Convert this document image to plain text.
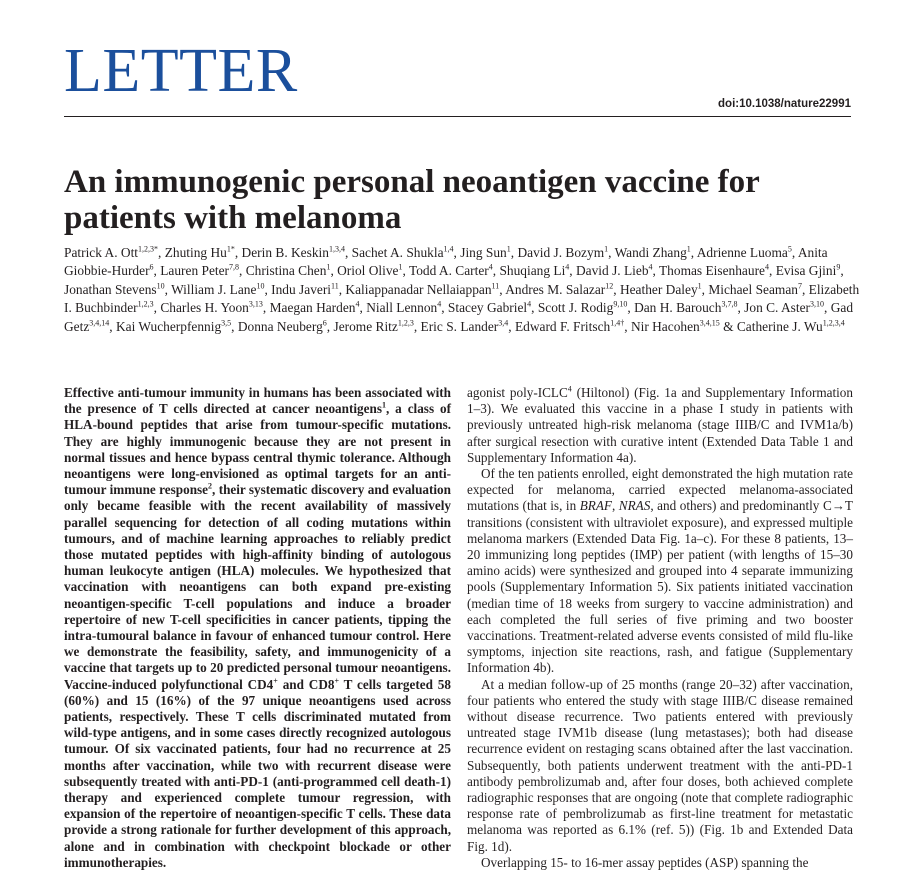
LETTER	doi:10.1038/nature22991
An immunogenic personal neoantigen vaccine for patients with melanoma
Patrick A. Ott$^{1,2,3*}$, Zhuting $Hu^{1*}$, Derin B. Keskin$^{1,3,4}$, Sachet A. Shukla$^{1,4}$, Jing Sun$^1$, David J. Bozym$^1$, Wandi Zhang$^1$, Adrienne Luoma$^5$, Anita Giobbie-Hurder$^6$, Lauren Peter$^{7,8}$, Christina Chen$^1$, Oriol Olive$^1$, Todd A. Carter$^4$, Shuqiang Li$^4$, David J. Lieb$^4$, Thomas Eisenhaure$^4$, Evisa Gjini$^9$, Jonathan Stevens$^{10}$, William J. Lane$^{10}$, Indu Javeri$^{11}$, Kaliappanadar Nellaiappan$^{11}$, Andres M. Salazar$^{12}$, Heather Daley$^1$, Michael Seaman$^7$, Elizabeth I. Buchbinder$^{1,2,3}$, Charles H. Yoon$^{3,13}$, Maegan Harden$^4$, Niall Lennon$^4$, Stacey Gabriel$^4$, Scott J. Rodig$^{9,10}$, Dan H. Barouch$^{3,7,8}$, Jon C. Aster$^{3,10}$, Gad Getz$^{3,4,14}$, Kai Wucherpfennig$^{3,5}$, Donna Neuberg$^6$, Jerome Ritz$^{1,2,3}$, Eric S. Lander$^{3,4}$, Edward F. Fritsch$^{1,4\dagger}$, Nir Hacohen$^{3,4,15}$ & Catherine J. Wu$^{1,2,3,4}$

Effective anti-tumour immunity in humans has been associated with the presence of T cells directed at cancer neoantigens$^1$, a class of HLA-bound peptides that arise from tumour-specific mutations. They are highly immunogenic because they are not present in normal tissues and hence bypass central thymic tolerance. Although neoantigens were long-envisioned as optimal targets for an anti-tumour immune response$^2$, their systematic discovery and evaluation only became feasible with the recent availability of massively parallel sequencing for detection of all coding mutations within tumours, and of machine learning approaches to reliably predict those mutated peptides with high-affinity binding of autologous human leukocyte antigen (HLA) molecules. We hypothesized that vaccination with neoantigens can both expand pre-existing neoantigen-specific T-cell populations and induce a broader repertoire of new T-cell specificities in cancer patients, tipping the intra-tumoural balance in favour of enhanced tumour control. Here we demonstrate the feasibility, safety, and immunogenicity of a vaccine that targets up to 20 predicted personal tumour neoantigens. Vaccine-induced polyfunctional CD4+ and CD8+ T cells targeted 58 (60%) and 15 (16%) of the 97 unique neoantigens used across patients, respectively. These T cells discriminated mutated from wild-type antigens, and in some cases directly recognized autologous tumour. Of six vaccinated patients, four had no recurrence at 25 months after vaccination, while two with recurrent disease were subsequently treated with anti-PD-1 (anti-programmed cell death-1) therapy and experienced complete tumour regression, with expansion of the repertoire of neoantigen-specific T cells. These data provide a strong rationale for further development of this approach, alone and in combination with checkpoint blockade or other immunotherapies.

agonist poly-ICLC$^4$ (Hiltonol) (Fig. 1a and Supplementary Information 1–3). We evaluated this vaccine in a phase I study in patients with previously untreated high-risk melanoma (stage IIIB/C and IVM1a/b) after surgical resection with curative intent (Extended Data Table 1 and Supplementary Information 4a).

Of the ten patients enrolled, eight demonstrated the high mutation rate expected for melanoma, carried expected melanoma-associated mutations (that is, in BRAF, NRAS, and others) and predominantly C→T transitions (consistent with ultraviolet exposure), and expressed multiple melanoma markers (Extended Data Fig. 1a–c). For these 8 patients, 13–20 immunizing long peptides (IMP) per patient (with lengths of 15–30 amino acids) were synthesized and grouped into 4 separate immunizing pools (Supplementary Information 5). Six patients initiated vaccination (median time of 18 weeks from surgery to vaccine administration) and each completed the full series of five priming and two booster vaccinations. Treatment-related adverse events consisted of mild flu-like symptoms, injection site reactions, rash, and fatigue (Supplementary Information 4b).

At a median follow-up of 25 months (range 20–32) after vaccination, four patients who entered the study with stage IIIB/C disease remained without disease recurrence. Two patients entered with previously untreated stage IVM1b disease (lung metastases); both had disease recurrence evident on restaging scans obtained after the last vaccination. Subsequently, both patients underwent treatment with the anti-PD-1 antibody pembrolizumab and, after four doses, both achieved complete radiographic responses that are ongoing (note that complete radiographic response rate of pembrolizumab as first-line treatment for metastatic melanoma was reported as 6.1% (ref. 5)) (Fig. 1b and Extended Data Fig. 1d).

Overlapping 15- to 16-mer assay peptides (ASP) spanning the
